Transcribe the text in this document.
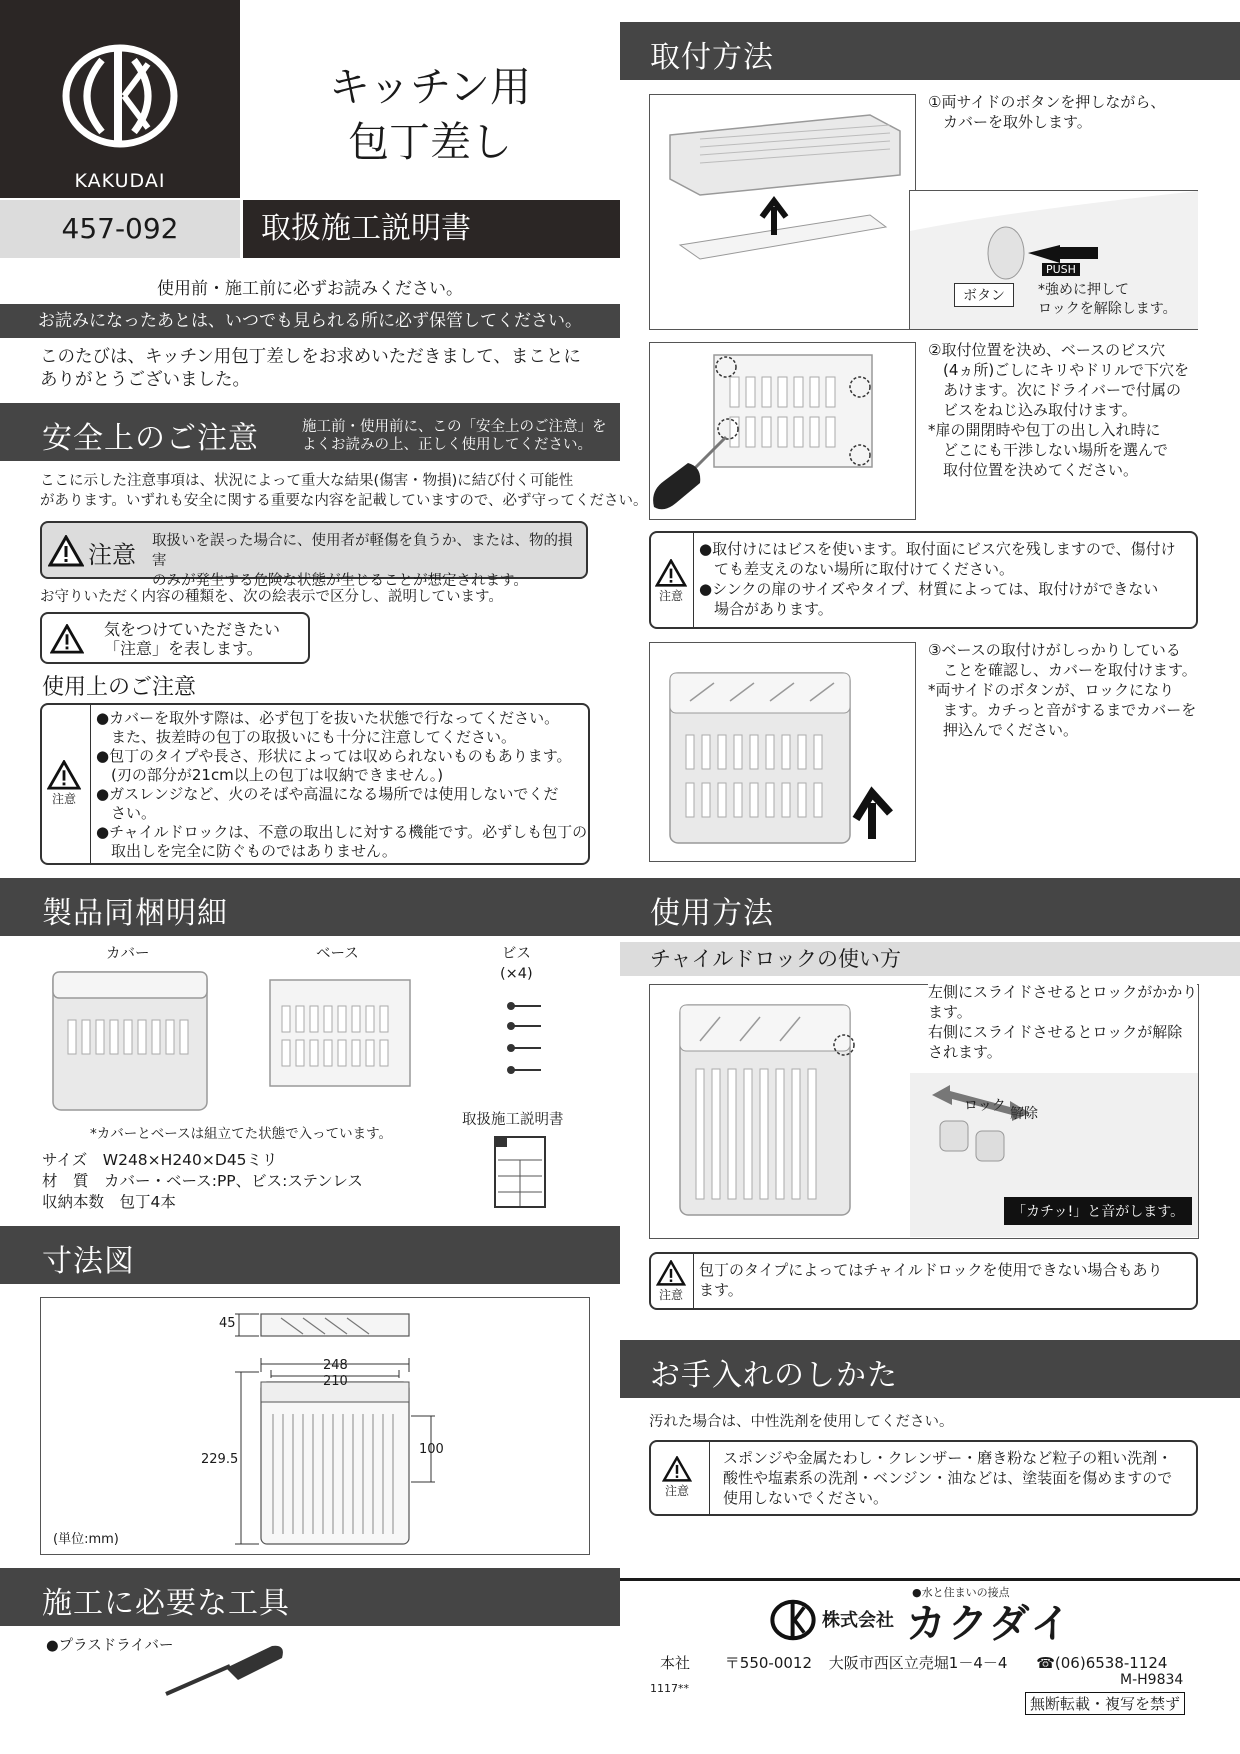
KAKUDAI
キッチン用
包丁差し
457-092	取扱施工説明書
使用前・施工前に必ずお読みください。
お読みになったあとは、いつでも見られる所に必ず保管してください。
このたびは、キッチン用包丁差しをお求めいただきまして、まことに
ありがとうございました。
安全上のご注意	施工前・使用前に、この「安全上のご注意」を
よくお読みの上、正しく使用してください。
ここに示した注意事項は、状況によって重大な結果(傷害・物損)に結び付く可能性
があります。いずれも安全に関する重要な内容を記載していますので、必ず守ってください。
注意 取扱いを誤った場合に、使用者が軽傷を負うか、または、物的損害
のみが発生する危険な状態が生じることが想定されます。
お守りいただく内容の種類を、次の絵表示で区分し、説明しています。
気をつけていただきたい
「注意」を表します。
使用上のご注意
注意
●カバーを取外す際は、必ず包丁を抜いた状態で行なってください。
　また、抜差時の包丁の取扱いにも十分に注意してください。
●包丁のタイプや長さ、形状によっては収められないものもあります。
　(刃の部分が21cm以上の包丁は収納できません。)
●ガスレンジなど、火のそばや高温になる場所では使用しないでくだ
　さい。
●チャイルドロックは、不意の取出しに対する機能です。必ずしも包丁の
　取出しを完全に防ぐものではありません。
製品同梱明細
カバー	ベース	ビス
(×4)
*カバーとベースは組立てた状態で入っています。
取扱施工説明書
サイズ　W248×H240×D45ミリ
材　質　カバー・ベース:PP、ビス:ステンレス
収納本数　包丁4本
寸法図
45
248
210
229.5
100
(単位:mm)
施工に必要な工具
●プラスドライバー
取付方法
PUSH
ボタン	*強めに押して
ロックを解除します。
①両サイドのボタンを押しながら、
　カバーを取外します。
②取付位置を決め、ベースのビス穴
　(4ヵ所)ごしにキリやドリルで下穴を
　あけます。次にドライバーで付属の
　ビスをねじ込み取付けます。
*扉の開閉時や包丁の出し入れ時に
　どこにも干渉しない場所を選んで
　取付位置を決めてください。
注意
●取付けにはビスを使います。取付面にビス穴を残しますので、傷付け
　ても差支えのない場所に取付けてください。
●シンクの扉のサイズやタイプ、材質によっては、取付けができない
　場合があります。
③ベースの取付けがしっかりしている
　ことを確認し、カバーを取付けます。
*両サイドのボタンが、ロックになり
　ます。カチっと音がするまでカバーを
　押込んでください。
使用方法
チャイルドロックの使い方
ロック 解除
「カチッ!」と音がします。
左側にスライドさせるとロックがかかり
ます。
右側にスライドさせるとロックが解除
されます。
注意
包丁のタイプによってはチャイルドロックを使用できない場合もあり
ます。
お手入れのしかた
汚れた場合は、中性洗剤を使用してください。
注意
スポンジや金属たわし・クレンザー・磨き粉など粒子の粗い洗剤・
酸性や塩素系の洗剤・ベンジン・油などは、塗装面を傷めますので
使用しないでください。
●水と住まいの接点
株式会社 カクダイ
本社 〒550-0012 大阪市西区立売堀1－4－4 ☎(06)6538-1124
1117**
M-H9834
無断転載・複写を禁ず
